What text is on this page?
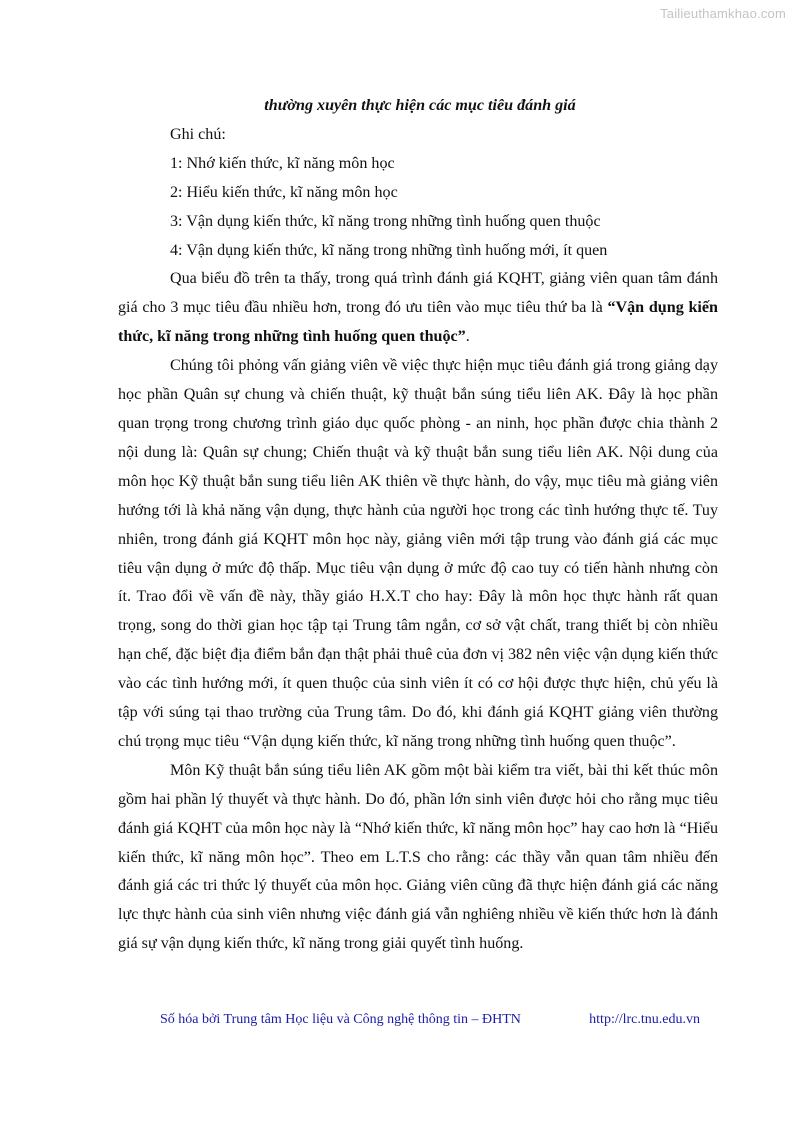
Tailieuthamkhao.com

thường xuyên thực hiện các mục tiêu đánh giá

Ghi chú:

1: Nhớ kiến thức, kĩ năng môn học

2: Hiểu kiến thức, kĩ năng môn học

3: Vận dụng kiến thức, kĩ năng trong những tình huống quen thuộc

4: Vận dụng kiến thức, kĩ năng trong những tình huống mới, ít quen

Qua biểu đồ trên ta thấy, trong quá trình đánh giá KQHT, giảng viên quan tâm đánh giá cho 3 mục tiêu đầu nhiều hơn, trong đó ưu tiên vào mục tiêu thứ ba là “Vận dụng kiến thức, kĩ năng trong những tình huống quen thuộc”.

Chúng tôi phỏng vấn giảng viên về việc thực hiện mục tiêu đánh giá trong giảng dạy học phần Quân sự chung và chiến thuật, kỹ thuật bắn súng tiểu liên AK. Đây là học phần quan trọng trong chương trình giáo dục quốc phòng - an ninh, học phần được chia thành 2 nội dung là: Quân sự chung; Chiến thuật và kỹ thuật bắn sung tiểu liên AK. Nội dung của môn học Kỹ thuật bắn sung tiểu liên AK thiên về thực hành, do vậy, mục tiêu mà giảng viên hướng tới là khả năng vận dụng, thực hành của người học trong các tình hướng thực tế. Tuy nhiên, trong đánh giá KQHT môn học này, giảng viên mới tập trung vào đánh giá các mục tiêu vận dụng ở mức độ thấp. Mục tiêu vận dụng ở mức độ cao tuy có tiến hành nhưng còn ít. Trao đổi về vấn đề này, thầy giáo H.X.T cho hay: Đây là môn học thực hành rất quan trọng, song do thời gian học tập tại Trung tâm ngắn, cơ sở vật chất, trang thiết bị còn nhiều hạn chế, đặc biệt địa điểm bắn đạn thật phải thuê của đơn vị 382 nên việc vận dụng kiến thức vào các tình hướng mới, ít quen thuộc của sinh viên ít có cơ hội được thực hiện, chủ yếu là tập với súng tại thao trường của Trung tâm. Do đó, khi đánh giá KQHT giảng viên thường chú trọng mục tiêu “Vận dụng kiến thức, kĩ năng trong những tình huống quen thuộc”.

Môn Kỹ thuật bắn súng tiểu liên AK gồm một bài kiểm tra viết, bài thi kết thúc môn gồm hai phần lý thuyết và thực hành. Do đó, phần lớn sinh viên được hỏi cho rằng mục tiêu đánh giá KQHT của môn học này là “Nhớ kiến thức, kĩ năng môn học” hay cao hơn là “Hiểu kiến thức, kĩ năng môn học”. Theo em L.T.S cho rằng: các thầy vẫn quan tâm nhiều đến đánh giá các tri thức lý thuyết của môn học. Giảng viên cũng đã thực hiện đánh giá các năng lực thực hành của sinh viên nhưng việc đánh giá vẫn nghiêng nhiều về kiến thức hơn là đánh giá sự vận dụng kiến thức, kĩ năng trong giải quyết tình huống.

Số hóa bởi Trung tâm Học liệu và Công nghệ thông tin – ĐHTN	http://lrc.tnu.edu.vn
